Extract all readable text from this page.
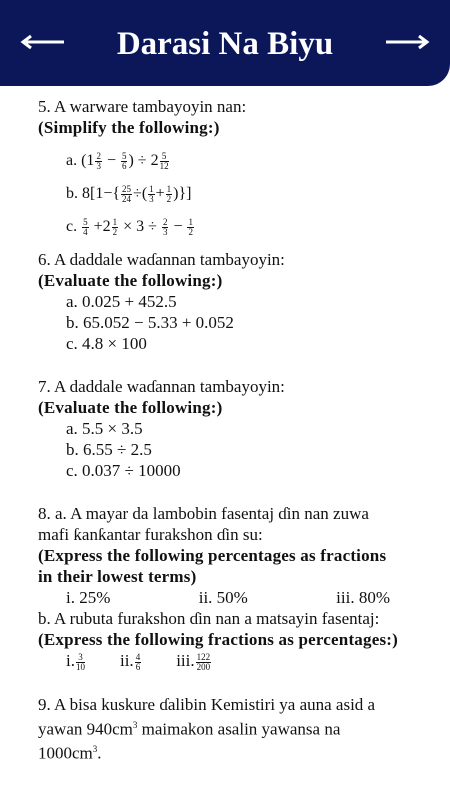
Darasi Na Biyu
5. A warware tambayoyin nan:
(Simplify the following:)
a. ($1 \frac{2}{3} - \frac{5}{6}$ ) ÷ $2 \frac{5}{12}$
b. $8[1-\{ \frac{25}{24}$ ÷( $\frac{1}{3} + \frac{1}{2}$ )}]
c. $\frac{5}{4} +2 \frac{1}{2} \times 3 \div \frac{2}{3} - \frac{1}{2}$
6. A daddale waɗannan tambayoyin:
(Evaluate the following:)
a. 0.025 + 452.5
b. 65.052 − 5.33 + 0.052
c. 4.8 × 100
7. A daddale waɗannan tambayoyin:
(Evaluate the following:)
a. 5.5 × 3.5
b. 6.55 ÷ 2.5
c. 0.037 ÷ 10000
8. a. A mayar da lambobin fasentaj ɗin nan zuwa mafi ƙanƙantar furakshon ɗin su:
(Express the following percentages as fractions in their lowest terms)
i. 25%	ii. 50%	iii. 80%
b. A rubuta furakshon ɗin nan a matsayin fasentaj:
(Express the following fractions as percentages:)
i. $\frac{3}{10}$ ii. $\frac{4}{6}$ iii. $\frac{122}{200}$
9. A bisa kuskure ɗalibin Kemistiri ya auna asid a yawan $940cm^3$ maimakon asalin yawansa na $1000cm^3$.
